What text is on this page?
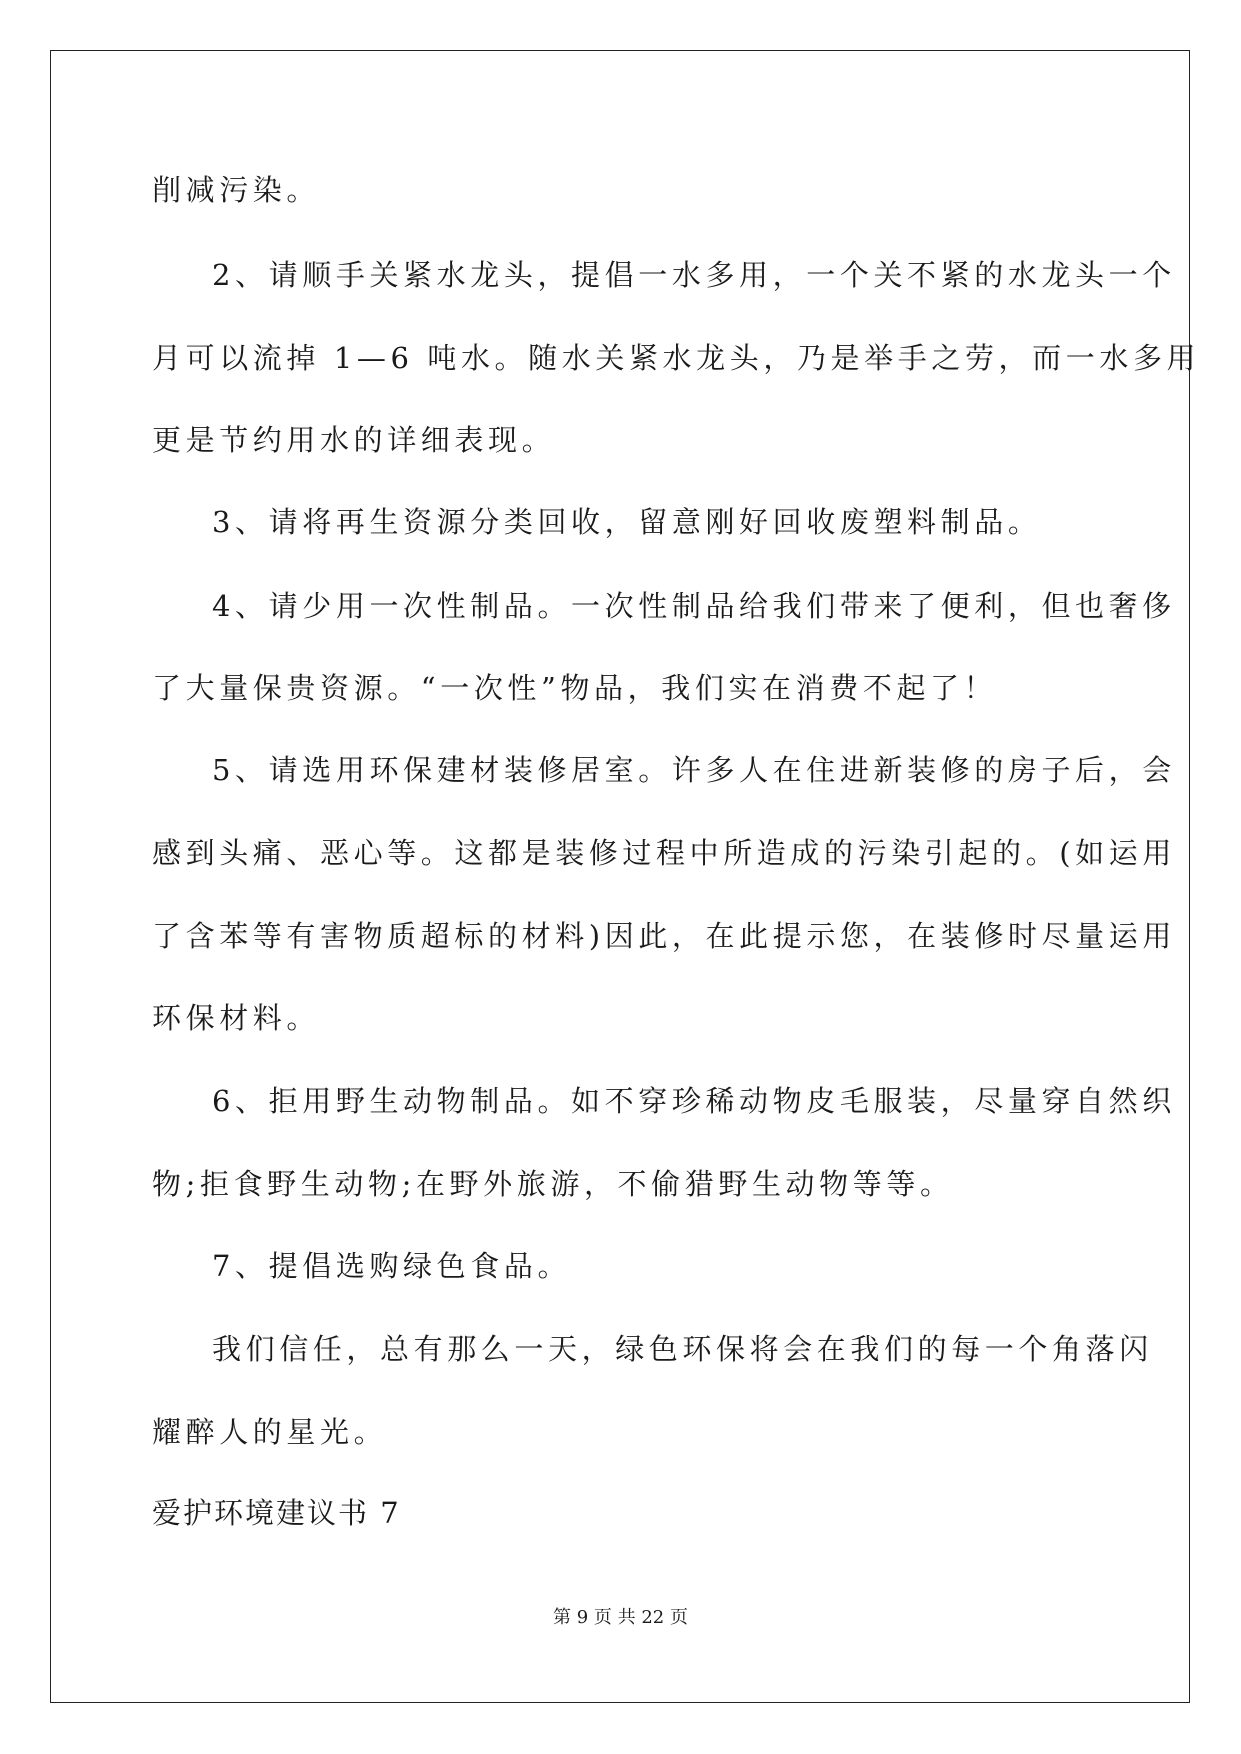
削减污染。
2、请顺手关紧水龙头，提倡一水多用，一个关不紧的水龙头一个
月可以流掉 1—6 吨水。随水关紧水龙头，乃是举手之劳，而一水多用
更是节约用水的详细表现。
3、请将再生资源分类回收，留意刚好回收废塑料制品。
4、请少用一次性制品。一次性制品给我们带来了便利，但也奢侈
了大量保贵资源。“一次性”物品，我们实在消费不起了！
5、请选用环保建材装修居室。许多人在住进新装修的房子后，会
感到头痛、恶心等。这都是装修过程中所造成的污染引起的。(如运用
了含苯等有害物质超标的材料)因此，在此提示您，在装修时尽量运用
环保材料。
6、拒用野生动物制品。如不穿珍稀动物皮毛服装，尽量穿自然织
物;拒食野生动物;在野外旅游，不偷猎野生动物等等。
7、提倡选购绿色食品。
我们信任，总有那么一天，绿色环保将会在我们的每一个角落闪
耀醉人的星光。
爱护环境建议书 7
第 9 页 共 22 页
